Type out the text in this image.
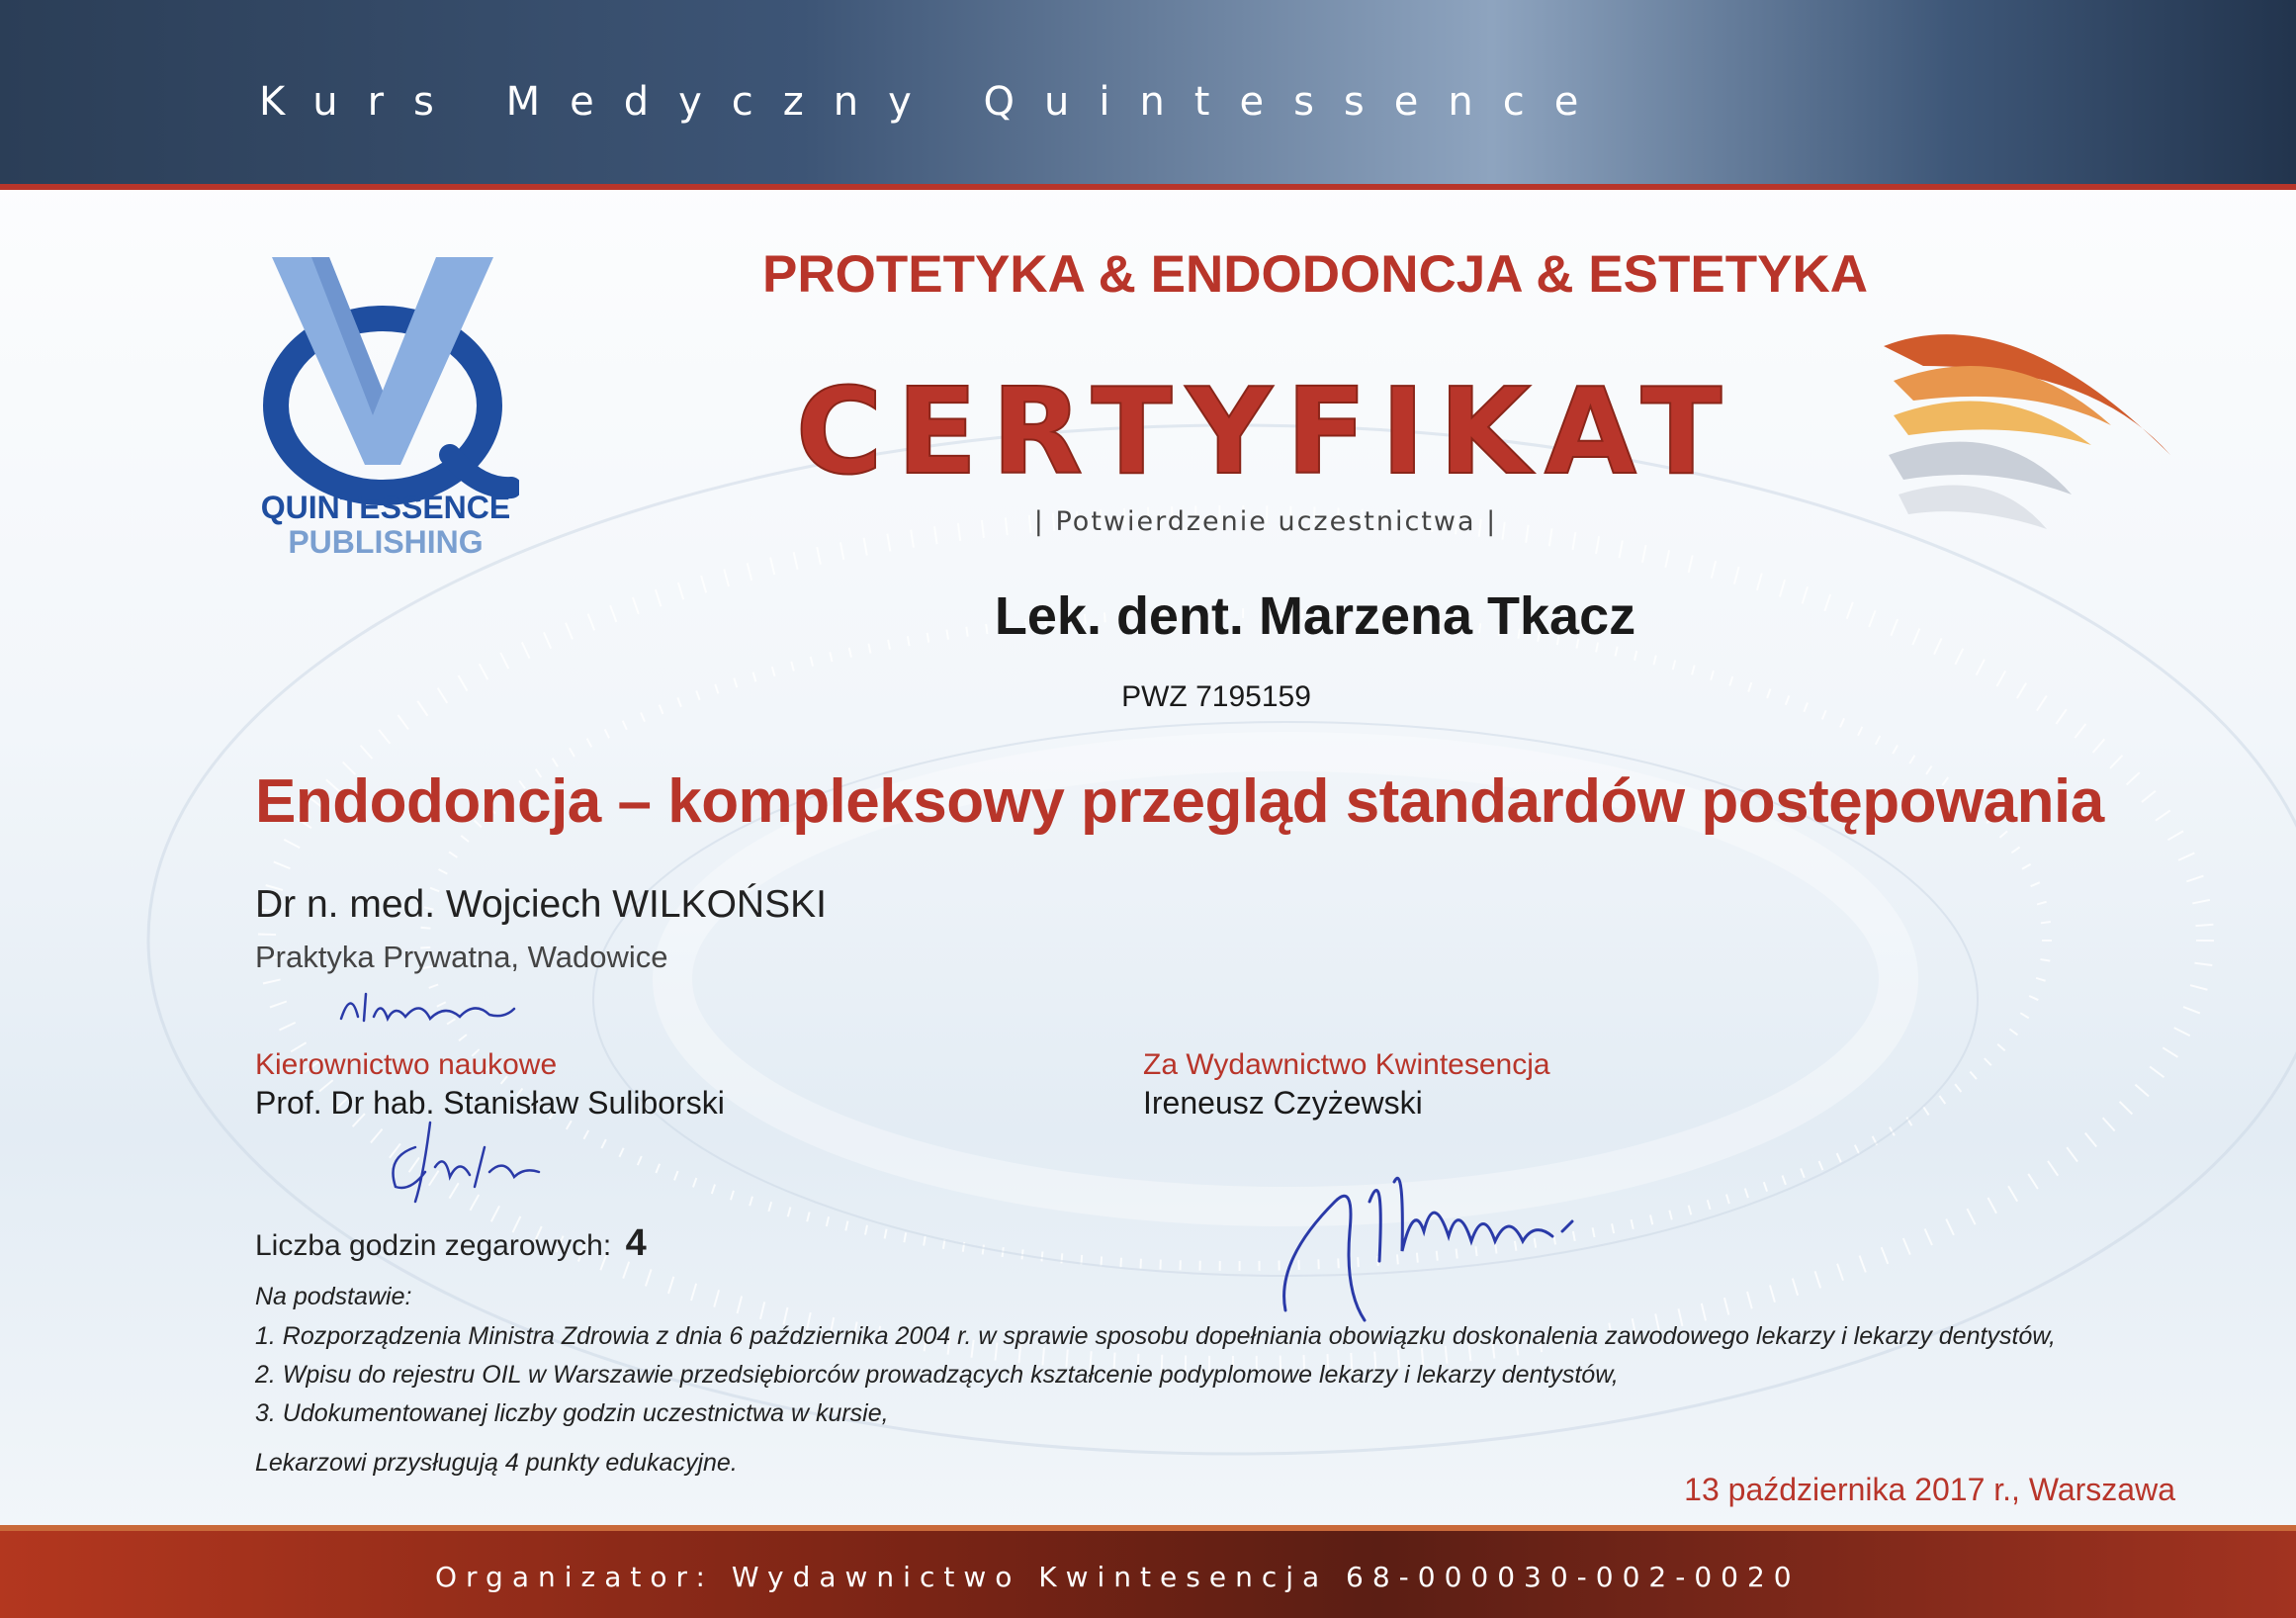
Kurs Medyczny Quintessence
QUINTESSENCE
PUBLISHING
PROTETYKA & ENDODONCJA & ESTETYKA
CERTYFIKAT
| Potwierdzenie uczestnictwa |
Lek. dent. Marzena Tkacz
PWZ 7195159
Endodoncja – kompleksowy przegląd standardów postępowania
Dr n. med. Wojciech WILKOŃSKI
Praktyka Prywatna, Wadowice
Kierownictwo naukowe
Prof. Dr hab. Stanisław Suliborski
Za Wydawnictwo Kwintesencja
Ireneusz Czyżewski
Liczba godzin zegarowych: 4
Na podstawie:
1. Rozporządzenia Ministra Zdrowia z dnia 6 października 2004 r. w sprawie sposobu dopełniania obowiązku doskonalenia zawodowego lekarzy i lekarzy dentystów,
2. Wpisu do rejestru OIL w Warszawie przedsiębiorców prowadzących kształcenie podyplomowe lekarzy i lekarzy dentystów,
3. Udokumentowanej liczby godzin uczestnictwa w kursie,
Lekarzowi przysługują 4 punkty edukacyjne.
13 października 2017 r., Warszawa
Organizator: Wydawnictwo Kwintesencja 68-000030-002-0020
